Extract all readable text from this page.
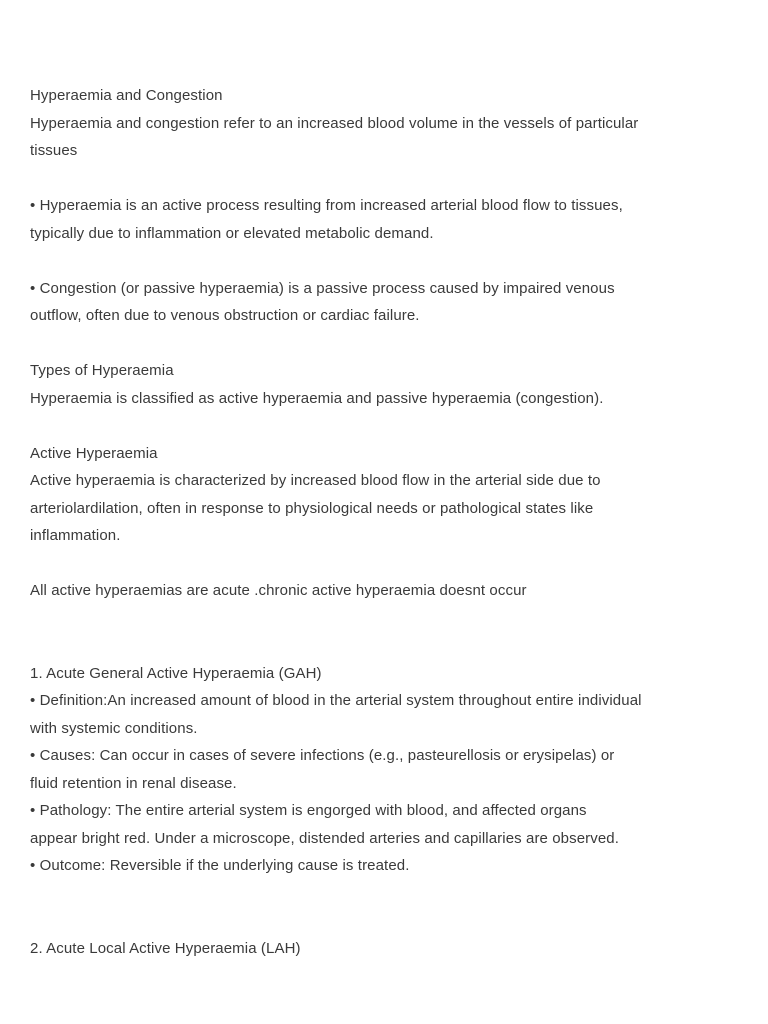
Hyperaemia and Congestion
Hyperaemia and congestion refer to an increased blood volume in the vessels of particular
tissues
• Hyperaemia is an active process resulting from increased arterial blood flow to tissues,
typically due to inflammation or elevated metabolic demand.
• Congestion (or passive hyperaemia) is a passive process caused by impaired venous
outflow, often due to venous obstruction or cardiac failure.
Types of Hyperaemia
Hyperaemia is classified as active hyperaemia and passive hyperaemia (congestion).
Active Hyperaemia
Active hyperaemia is characterized by increased blood flow in the arterial side due to
arteriolardilation, often in response to physiological needs or pathological states like
inflammation.
All active hyperaemias are acute .chronic active hyperaemia doesnt occur
1. Acute General Active Hyperaemia (GAH)
• Definition:An increased amount of blood in the arterial system throughout entire individual
with systemic conditions.
• Causes: Can occur in cases of severe infections (e.g., pasteurellosis or erysipelas) or
fluid retention in renal disease.
• Pathology: The entire arterial system is engorged with blood, and affected organs
appear bright red. Under a microscope, distended arteries and capillaries are observed.
• Outcome: Reversible if the underlying cause is treated.
2. Acute Local Active Hyperaemia (LAH)
